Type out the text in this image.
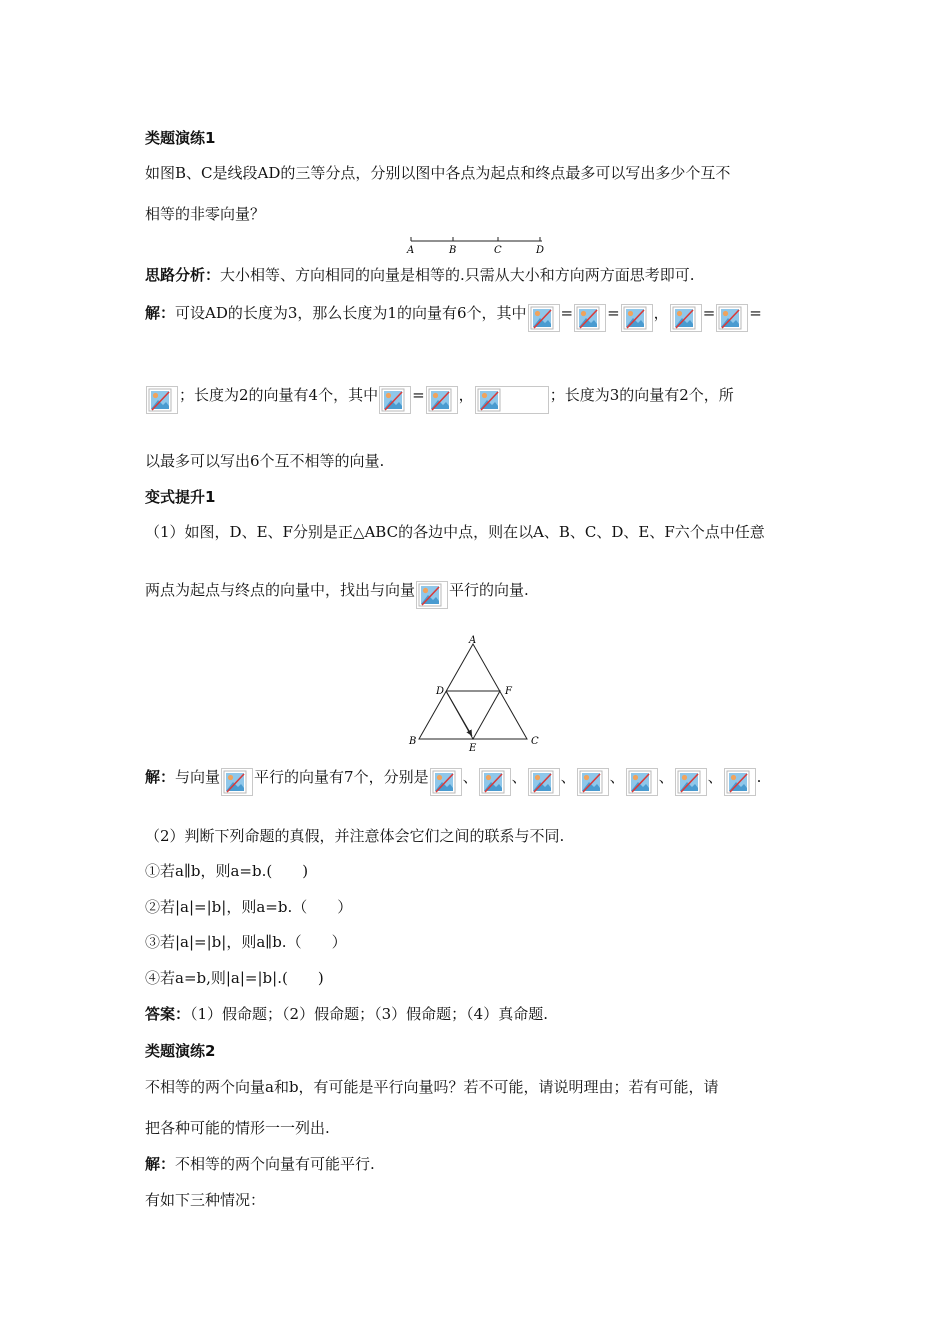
类题演练1
如图B、C是线段AD的三等分点，分别以图中各点为起点和终点最多可以写出多少个互不
相等的非零向量？
A	B	C	D
思路分析：大小相等、方向相同的向量是相等的.只需从大小和方向两方面思考即可.
解：可设AD的长度为3，那么长度为1的向量有6个，其中 = = ， = =
；长度为2的向量有4个，其中 = ，	；长度为3的向量有2个，所
以最多可以写出6个互不相等的向量.
变式提升1
（1）如图，D、E、F分别是正△ABC的各边中点，则在以A、B、C、D、E、F六个点中任意
两点为起点与终点的向量中，找出与向量 平行的向量.
A
B	C
D
E
F
解：与向量 平行的向量有7个，分别是 、 、 、 、 、 、 .
（2）判断下列命题的真假，并注意体会它们之间的联系与不同.
①若a∥b，则a=b.(　　)
②若|a|=|b|，则a=b.（　　）
③若|a|=|b|，则a∥b.（　　）
④若a=b,则|a|=|b|.(　　)
答案：（1）假命题；（2）假命题；（3）假命题；（4）真命题.
类题演练2
不相等的两个向量a和b，有可能是平行向量吗？若不可能，请说明理由；若有可能，请
把各种可能的情形一一列出.
解：不相等的两个向量有可能平行.
有如下三种情况：
